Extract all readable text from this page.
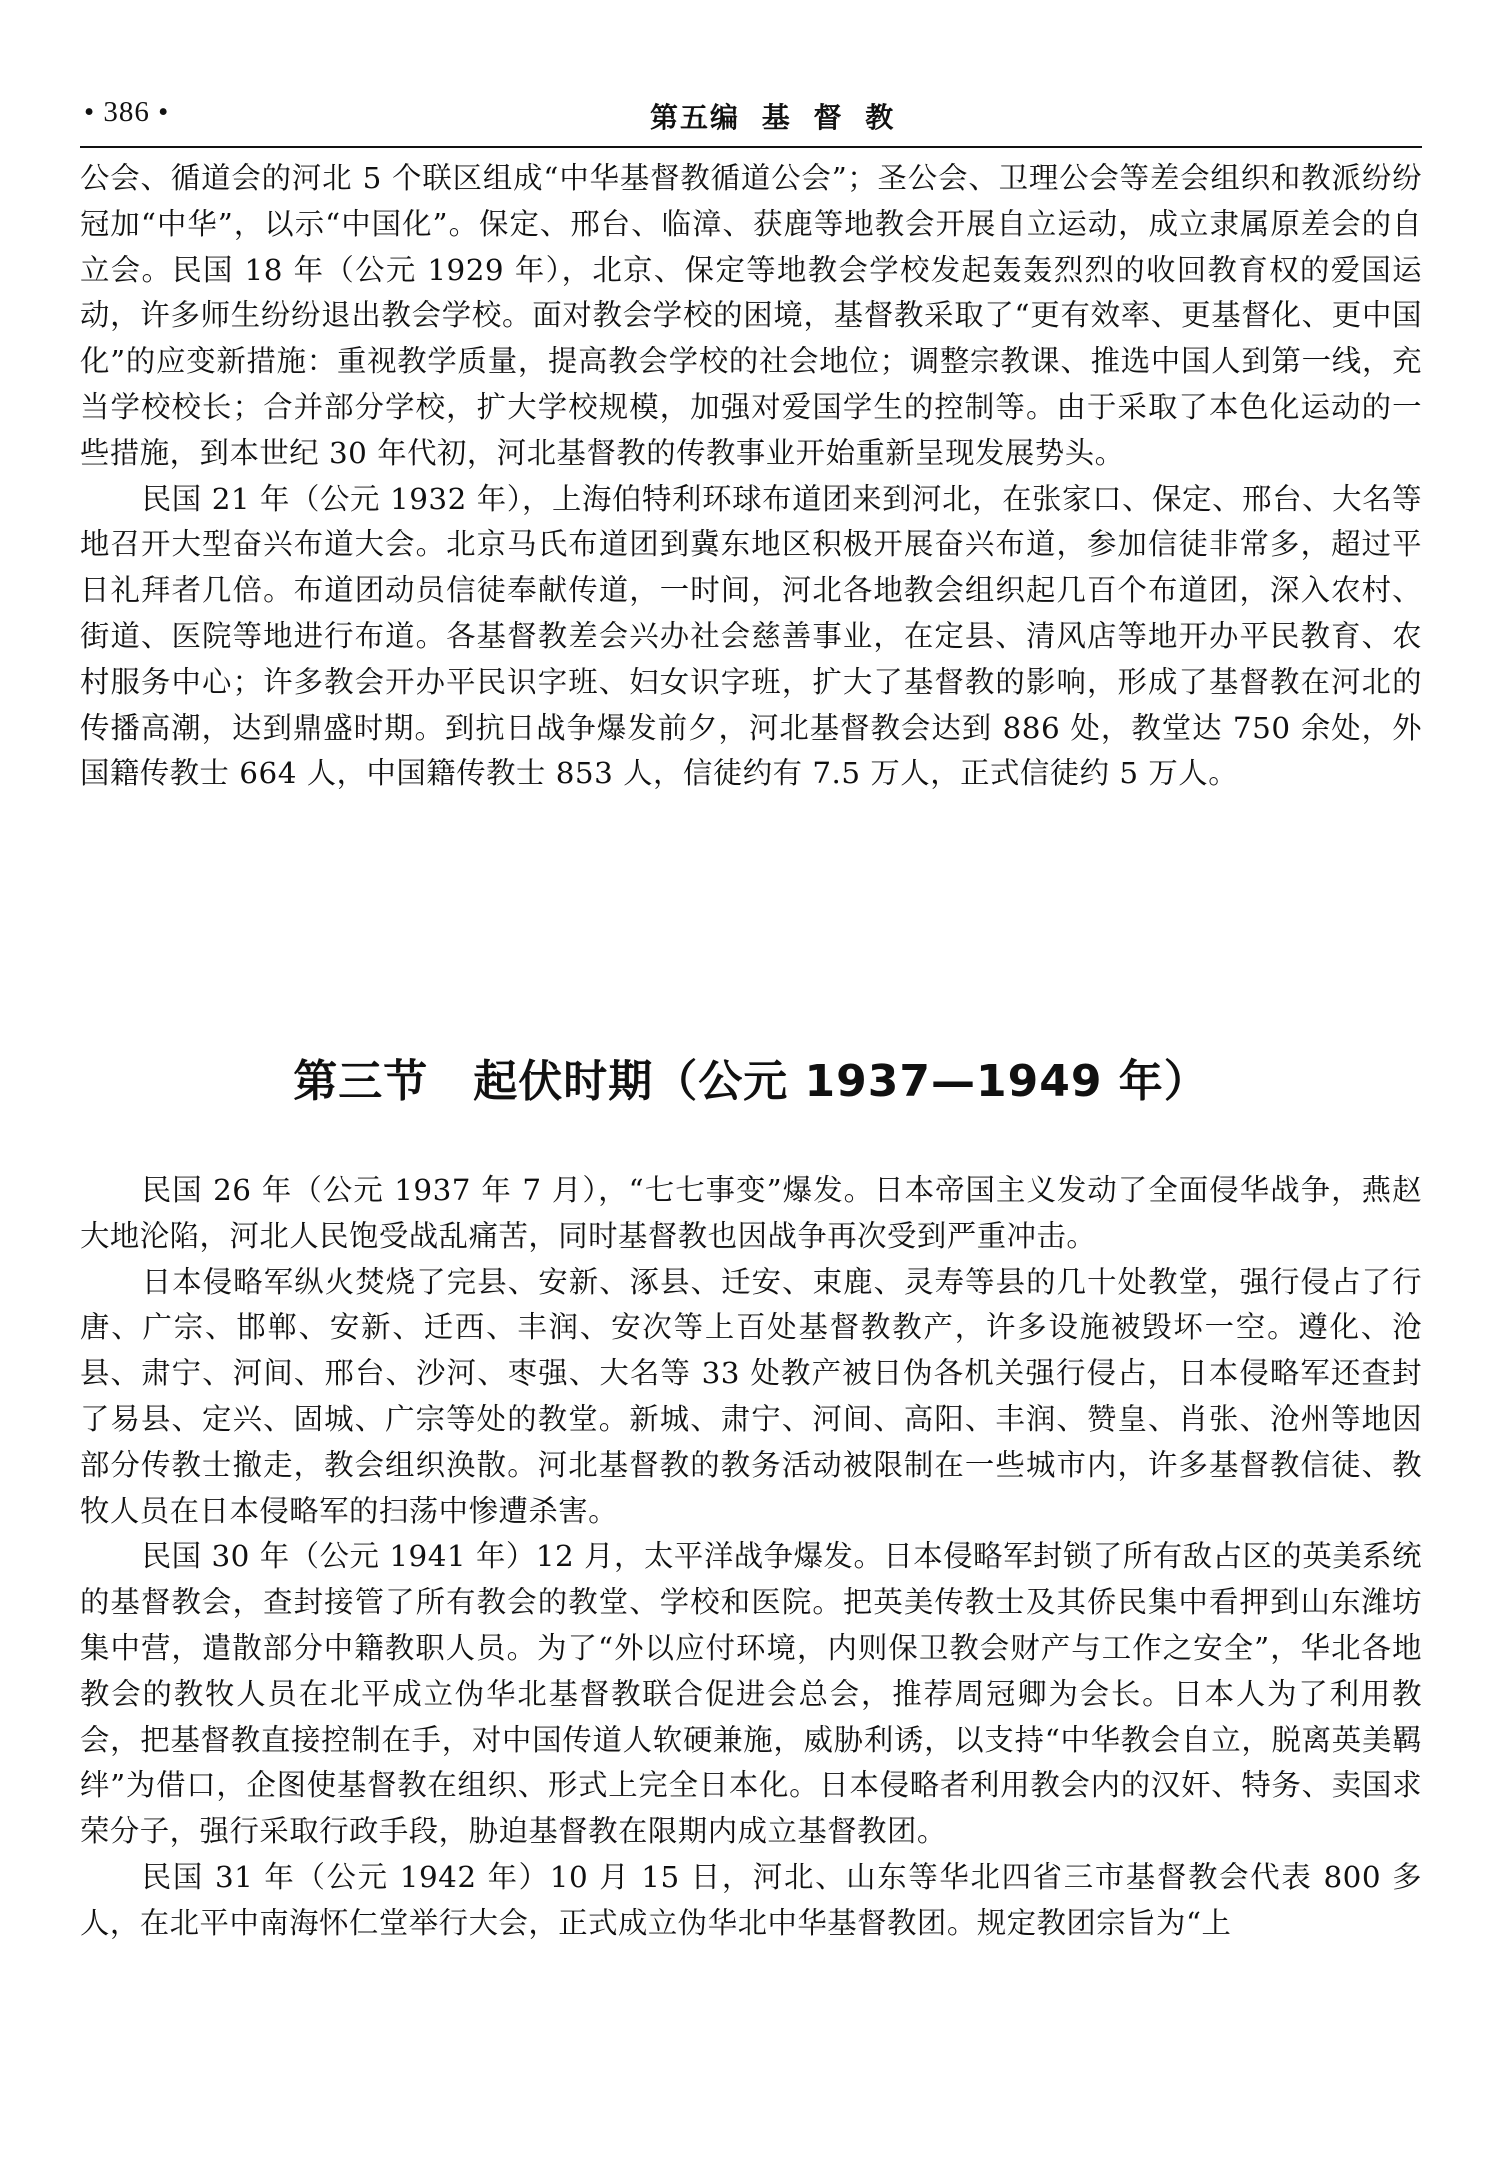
• 386 •	第五编 基 督 教

公会、循道会的河北 5 个联区组成“中华基督教循道公会”；圣公会、卫理公会等差会组织和教派纷纷冠加“中华”，以示“中国化”。保定、邢台、临漳、获鹿等地教会开展自立运动，成立隶属原差会的自立会。民国 18 年（公元 1929 年），北京、保定等地教会学校发起轰轰烈烈的收回教育权的爱国运动，许多师生纷纷退出教会学校。面对教会学校的困境，基督教采取了“更有效率、更基督化、更中国化”的应变新措施：重视教学质量，提高教会学校的社会地位；调整宗教课、推选中国人到第一线，充当学校校长；合并部分学校，扩大学校规模，加强对爱国学生的控制等。由于采取了本色化运动的一些措施，到本世纪 30 年代初，河北基督教的传教事业开始重新呈现发展势头。

民国 21 年（公元 1932 年），上海伯特利环球布道团来到河北，在张家口、保定、邢台、大名等地召开大型奋兴布道大会。北京马氏布道团到冀东地区积极开展奋兴布道，参加信徒非常多，超过平日礼拜者几倍。布道团动员信徒奉献传道，一时间，河北各地教会组织起几百个布道团，深入农村、街道、医院等地进行布道。各基督教差会兴办社会慈善事业，在定县、清风店等地开办平民教育、农村服务中心；许多教会开办平民识字班、妇女识字班，扩大了基督教的影响，形成了基督教在河北的传播高潮，达到鼎盛时期。到抗日战争爆发前夕，河北基督教会达到 886 处，教堂达 750 余处，外国籍传教士 664 人，中国籍传教士 853 人，信徒约有 7.5 万人，正式信徒约 5 万人。

第三节　起伏时期（公元 1937—1949 年）

民国 26 年（公元 1937 年 7 月），“七七事变”爆发。日本帝国主义发动了全面侵华战争，燕赵大地沦陷，河北人民饱受战乱痛苦，同时基督教也因战争再次受到严重冲击。

日本侵略军纵火焚烧了完县、安新、涿县、迁安、束鹿、灵寿等县的几十处教堂，强行侵占了行唐、广宗、邯郸、安新、迁西、丰润、安次等上百处基督教教产，许多设施被毁坏一空。遵化、沧县、肃宁、河间、邢台、沙河、枣强、大名等 33 处教产被日伪各机关强行侵占，日本侵略军还查封了易县、定兴、固城、广宗等处的教堂。新城、肃宁、河间、高阳、丰润、赞皇、肖张、沧州等地因部分传教士撤走，教会组织涣散。河北基督教的教务活动被限制在一些城市内，许多基督教信徒、教牧人员在日本侵略军的扫荡中惨遭杀害。

民国 30 年（公元 1941 年）12 月，太平洋战争爆发。日本侵略军封锁了所有敌占区的英美系统的基督教会，查封接管了所有教会的教堂、学校和医院。把英美传教士及其侨民集中看押到山东潍坊集中营，遣散部分中籍教职人员。为了“外以应付环境，内则保卫教会财产与工作之安全”，华北各地教会的教牧人员在北平成立伪华北基督教联合促进会总会，推荐周冠卿为会长。日本人为了利用教会，把基督教直接控制在手，对中国传道人软硬兼施，威胁利诱，以支持“中华教会自立，脱离英美羁绊”为借口，企图使基督教在组织、形式上完全日本化。日本侵略者利用教会内的汉奸、特务、卖国求荣分子，强行采取行政手段，胁迫基督教在限期内成立基督教团。

民国 31 年（公元 1942 年）10 月 15 日，河北、山东等华北四省三市基督教会代表 800 多人，在北平中南海怀仁堂举行大会，正式成立伪华北中华基督教团。规定教团宗旨为“上
